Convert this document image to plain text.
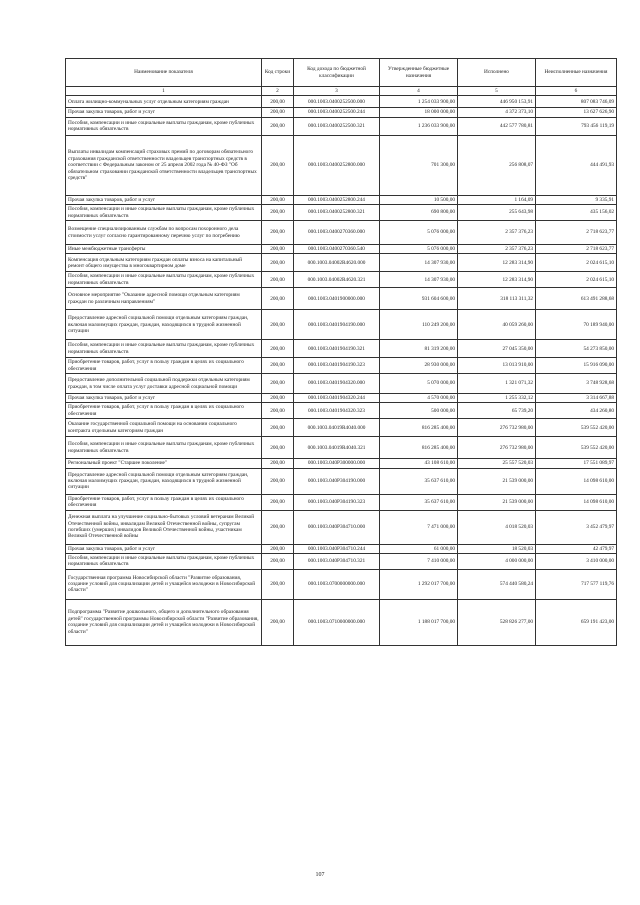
Наименование показателя	Код строки	Код дохода по бюджетной классификации	Утвержденные бюджетные назначения	Исполнено	Неисполненные назначения
1	2	3	4	5	6
Оплата жилищно-коммунальных услуг отдельным категориям граждан	200,00	000.1003.0400252500.000	1 254 033 900,00	446 950 153,91	807 083 746,09
Прочая закупка товаров, работ и услуг	200,00	000.1003.0400252500.244	18 000 000,00	4 372 373,10	13 627 626,90
Пособия, компенсации и иные социальные выплаты гражданам, кроме публичных нормативных обязательств	200,00	000.1003.0400252500.321	1 236 033 900,00	442 577 780,81	793 456 119,19
Выплаты инвалидам компенсаций страховых премий по договорам обязательного страхования гражданской ответственности владельцев транспортных средств в соответствии с Федеральным законом от 25 апреля 2002 года № 40-ФЗ "Об обязательном страховании гражданской ответственности владельцев транспортных средств"	200,00	000.1003.0400252800.000	701 300,00	256 808,07	444 491,93
Прочая закупка товаров, работ и услуг	200,00	000.1003.0400252800.244	10 500,00	1 164,09	9 335,91
Пособия, компенсации и иные социальные выплаты гражданам, кроме публичных нормативных обязательств	200,00	000.1003.0400252800.321	690 800,00	255 643,98	435 156,02
Возмещение специализированным службам по вопросам похоронного дела стоимости услуг согласно гарантированному перечню услуг по погребению	200,00	000.1003.0400270360.000	5 076 000,00	2 357 376,23	2 718 623,77
Иные межбюджетные трансферты	200,00	000.1003.0400270360.540	5 076 000,00	2 357 376,23	2 718 623,77
Компенсация отдельным категориям граждан оплаты взноса на капитальный ремонт общего имущества в многоквартирном доме	200,00	000.1003.04002R4620.000	14 307 930,00	12 283 314,90	2 024 615,10
Пособия, компенсации и иные социальные выплаты гражданам, кроме публичных нормативных обязательств	200,00	000.1003.04002R4620.321	14 307 930,00	12 283 314,90	2 024 615,10
Основное мероприятие "Оказание адресной помощи отдельным категориям граждан по различным направлениям"	200,00	000.1003.0401900000.000	931 604 600,00	318 113 311,32	613 491 288,68
Предоставление адресной социальной помощи отдельным категориям граждан, включая малоимущих граждан, граждан, находящихся в трудной жизненной ситуации	200,00	000.1003.0401904190.000	110 249 200,00	40 059 260,00	70 189 940,00
Пособия, компенсации и иные социальные выплаты гражданам, кроме публичных нормативных обязательств	200,00	000.1003.0401904190.321	81 319 200,00	27 045 350,00	54 273 850,00
Приобретение товаров, работ, услуг в пользу граждан в целях их социального обеспечения	200,00	000.1003.0401904190.323	28 930 000,00	13 013 910,00	15 916 090,00
Предоставление дополнительной социальной поддержки отдельным категориям граждан, в том числе оплата услуг доставки адресной социальной помощи	200,00	000.1003.0401904320.000	5 070 000,00	1 321 071,32	3 748 928,68
Прочая закупка товаров, работ и услуг	200,00	000.1003.0401904320.244	4 570 000,00	1 255 332,12	3 314 667,88
Приобретение товаров, работ, услуг в пользу граждан в целях их социального обеспечения	200,00	000.1003.0401904320.323	500 000,00	65 739,20	434 260,80
Оказание государственной социальной помощи на основании социального контракта отдельным категориям граждан	200,00	000.1003.04019R4040.000	816 285 400,00	276 732 980,00	539 552 420,00
Пособия, компенсации и иные социальные выплаты гражданам, кроме публичных нормативных обязательств	200,00	000.1003.04019R4040.321	816 285 400,00	276 732 980,00	539 552 420,00
Региональный проект "Старшее поколение"	200,00	000.1003.040P300000.000	43 108 610,00	25 557 520,03	17 551 089,97
Предоставление адресной социальной помощи отдельным категориям граждан, включая малоимущих граждан, граждан, находящихся в трудной жизненной ситуации	200,00	000.1003.040P304190.000	35 637 610,00	21 539 000,00	14 098 610,00
Приобретение товаров, работ, услуг в пользу граждан в целях их социального обеспечения	200,00	000.1003.040P304190.323	35 637 610,00	21 539 000,00	14 098 610,00
Денежная выплата на улучшение социально-бытовых условий ветеранам Великой Отечественной войны, инвалидам Великой Отечественной войны, супругам погибших (умерших) инвалидов Великой Отечественной войны, участникам Великой Отечественной войны	200,00	000.1003.040P304710.000	7 471 000,00	4 018 520,03	3 452 479,97
Прочая закупка товаров, работ и услуг	200,00	000.1003.040P304710.244	61 000,00	18 520,03	42 479,97
Пособия, компенсации и иные социальные выплаты гражданам, кроме публичных нормативных обязательств	200,00	000.1003.040P304710.321	7 410 000,00	4 000 000,00	3 410 000,00
Государственная программа Новосибирской области "Развитие образования, создание условий для социализации детей и учащейся молодежи в Новосибирской области"	200,00	000.1003.0700000000.000	1 292 017 700,00	574 440 580,24	717 577 119,76
Подпрограмма "Развитие дошкольного, общего и дополнительного образования детей" государственной программы Новосибирской области "Развитие образования, создание условий для социализации детей и учащейся молодежи в Новосибирской области"	200,00	000.1003.0710000000.000	1 188 017 700,00	528 826 277,00	659 191 423,00
107
